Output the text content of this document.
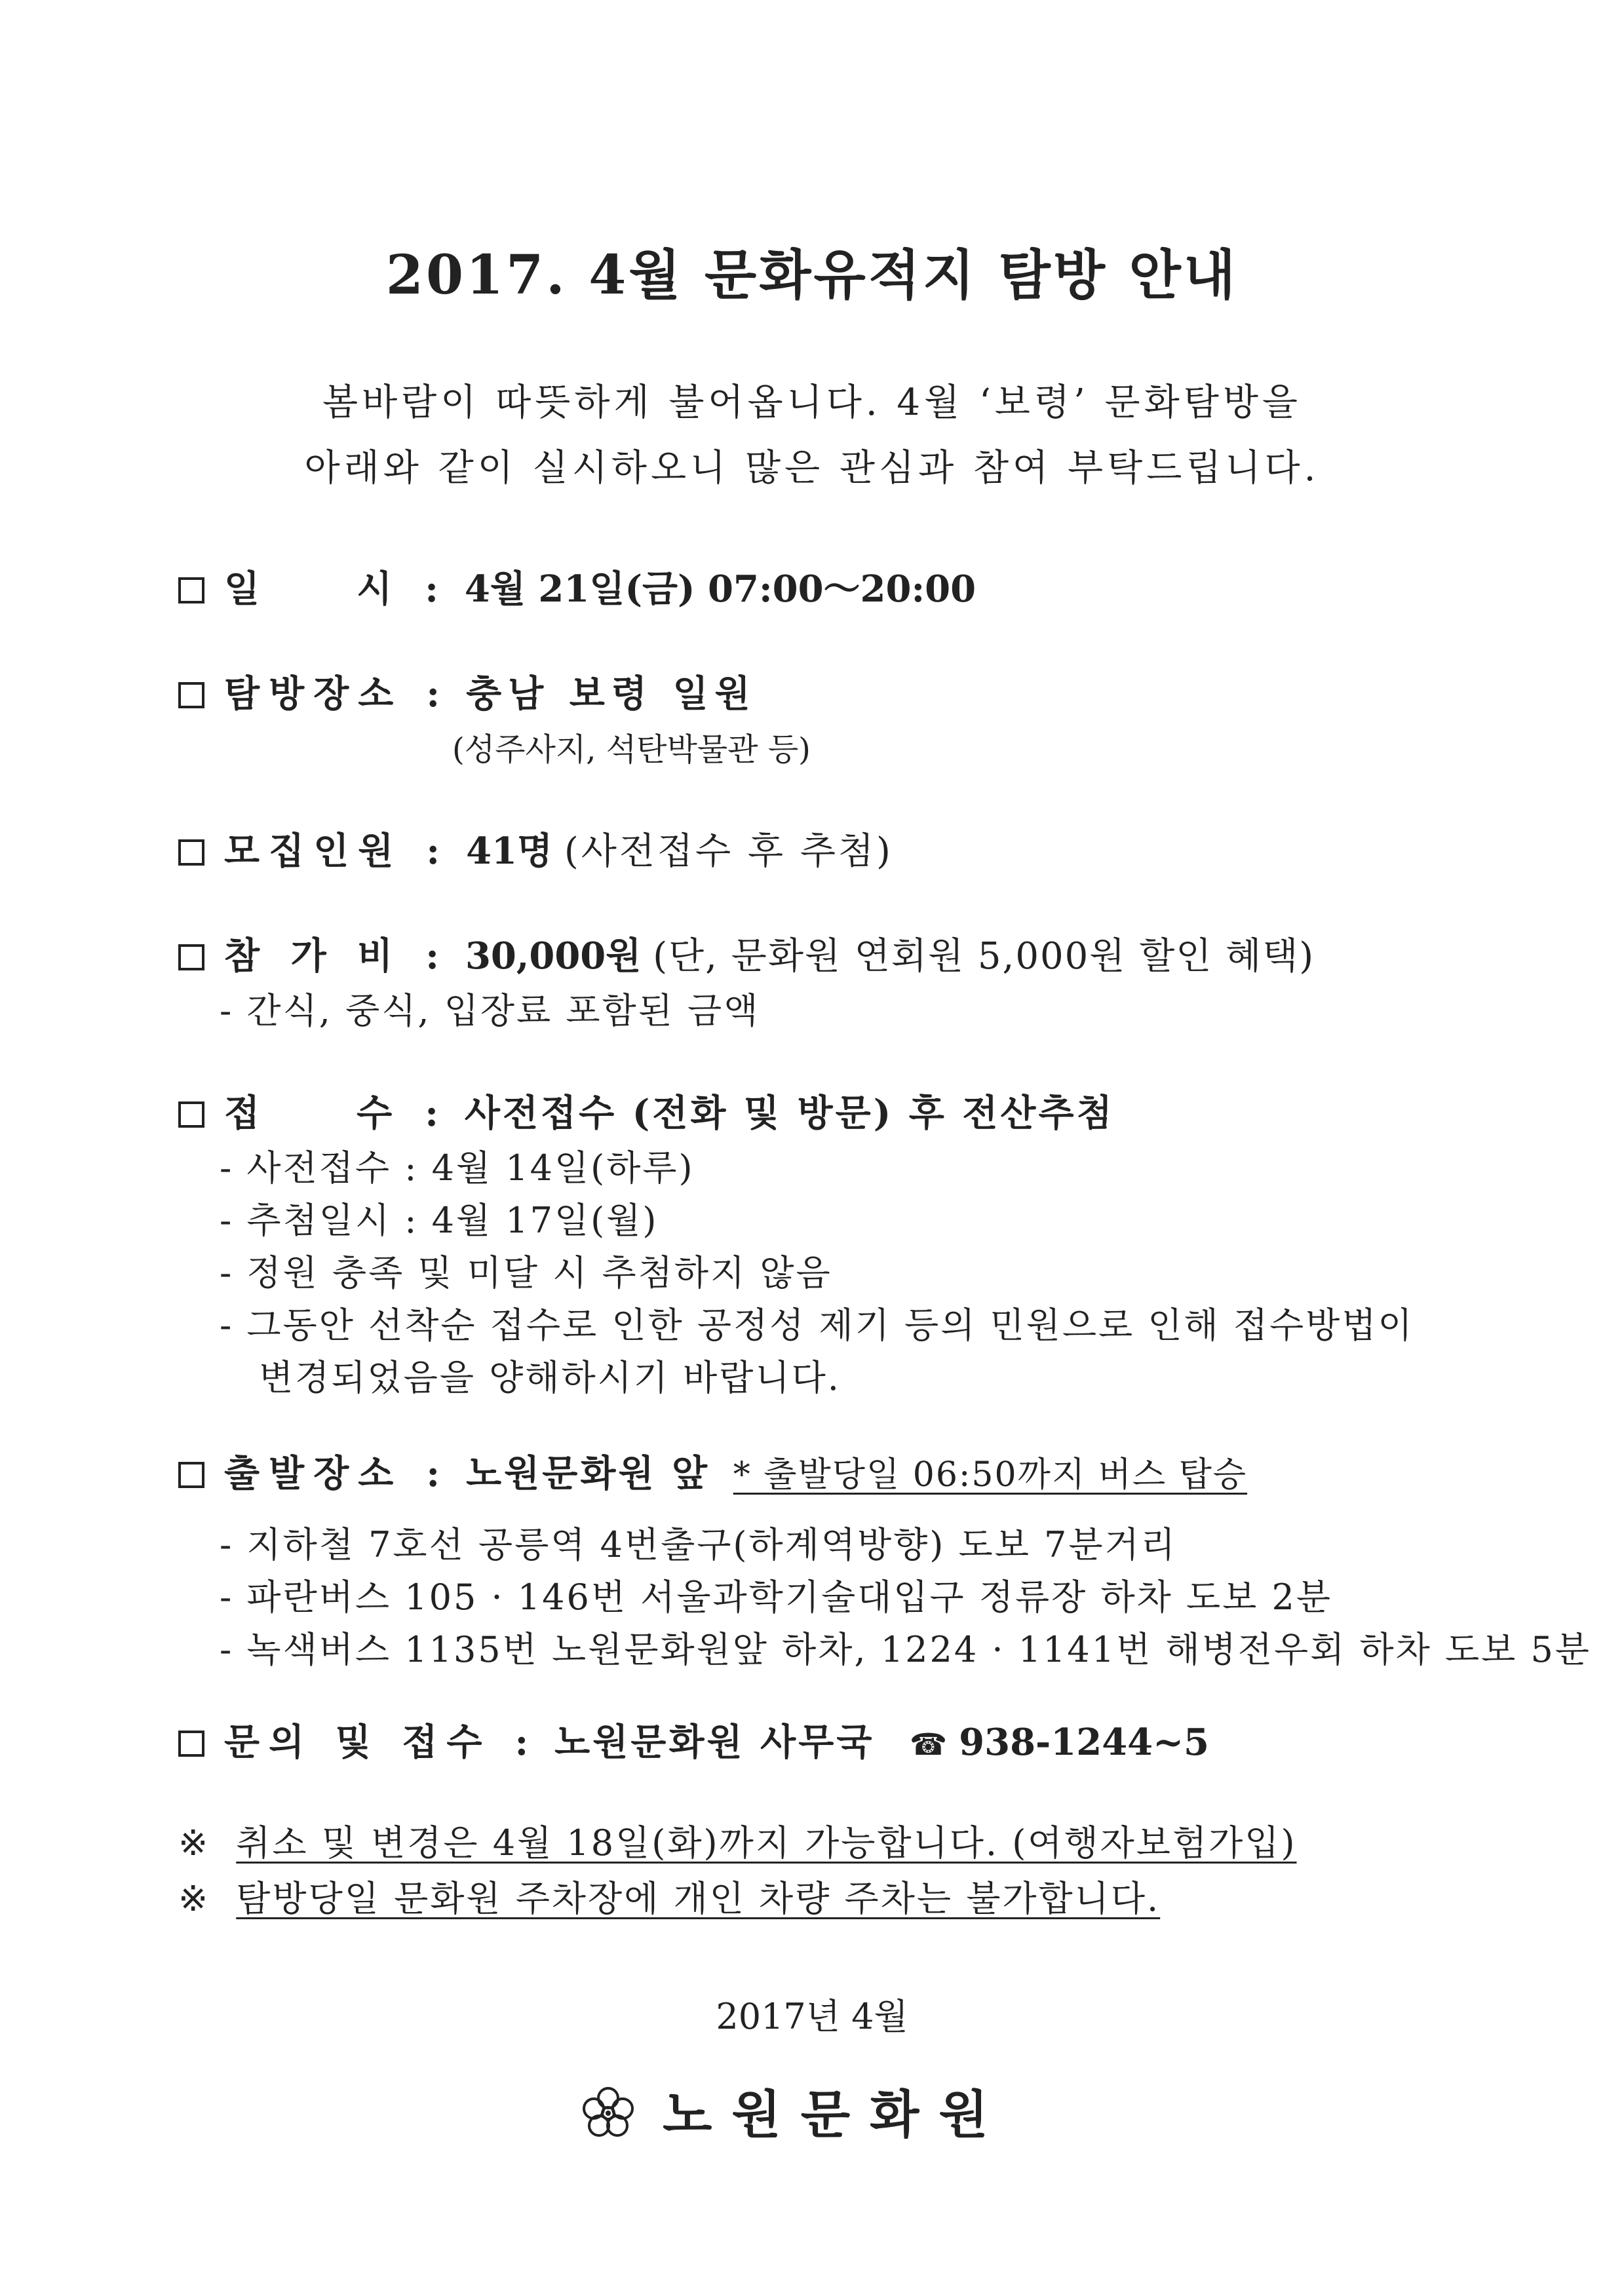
2017. 4월 문화유적지 탐방 안내
봄바람이 따뜻하게 불어옵니다. 4월 ‘보령’ 문화탐방을
아래와 같이 실시하오니 많은 관심과 참여 부탁드립니다.
일    시 : 4월 21일(금) 07:00～20:00
탐방장소 : 충남 보령 일원
(성주사지, 석탄박물관 등)
모집인원 : 41명 (사전접수 후 추첨)
참 가 비 : 30,000원 (단, 문화원 연회원 5,000원 할인 혜택)
- 간식, 중식, 입장료 포함된 금액
접    수 : 사전접수 (전화 및 방문) 후 전산추첨
- 사전접수 : 4월 14일(하루)
- 추첨일시 : 4월 17일(월)
- 정원 충족 및 미달 시 추첨하지 않음
- 그동안 선착순 접수로 인한 공정성 제기 등의 민원으로 인해 접수방법이
변경되었음을 양해하시기 바랍니다.
출발장소 : 노원문화원 앞 * 출발당일 06:50까지 버스 탑승
- 지하철 7호선 공릉역 4번출구(하계역방향) 도보 7분거리
- 파란버스 105 · 146번 서울과학기술대입구 정류장 하차 도보 2분
- 녹색버스 1135번 노원문화원앞 하차, 1224 · 1141번 해병전우회 하차 도보 5분
문의 및 접수 : 노원문화원 사무국 ☎ 938-1244~5
※ 취소 및 변경은 4월 18일(화)까지 가능합니다. (여행자보험가입)
※ 탐방당일 문화원 주차장에 개인 차량 주차는 불가합니다.
2017년 4월
노원문화원
